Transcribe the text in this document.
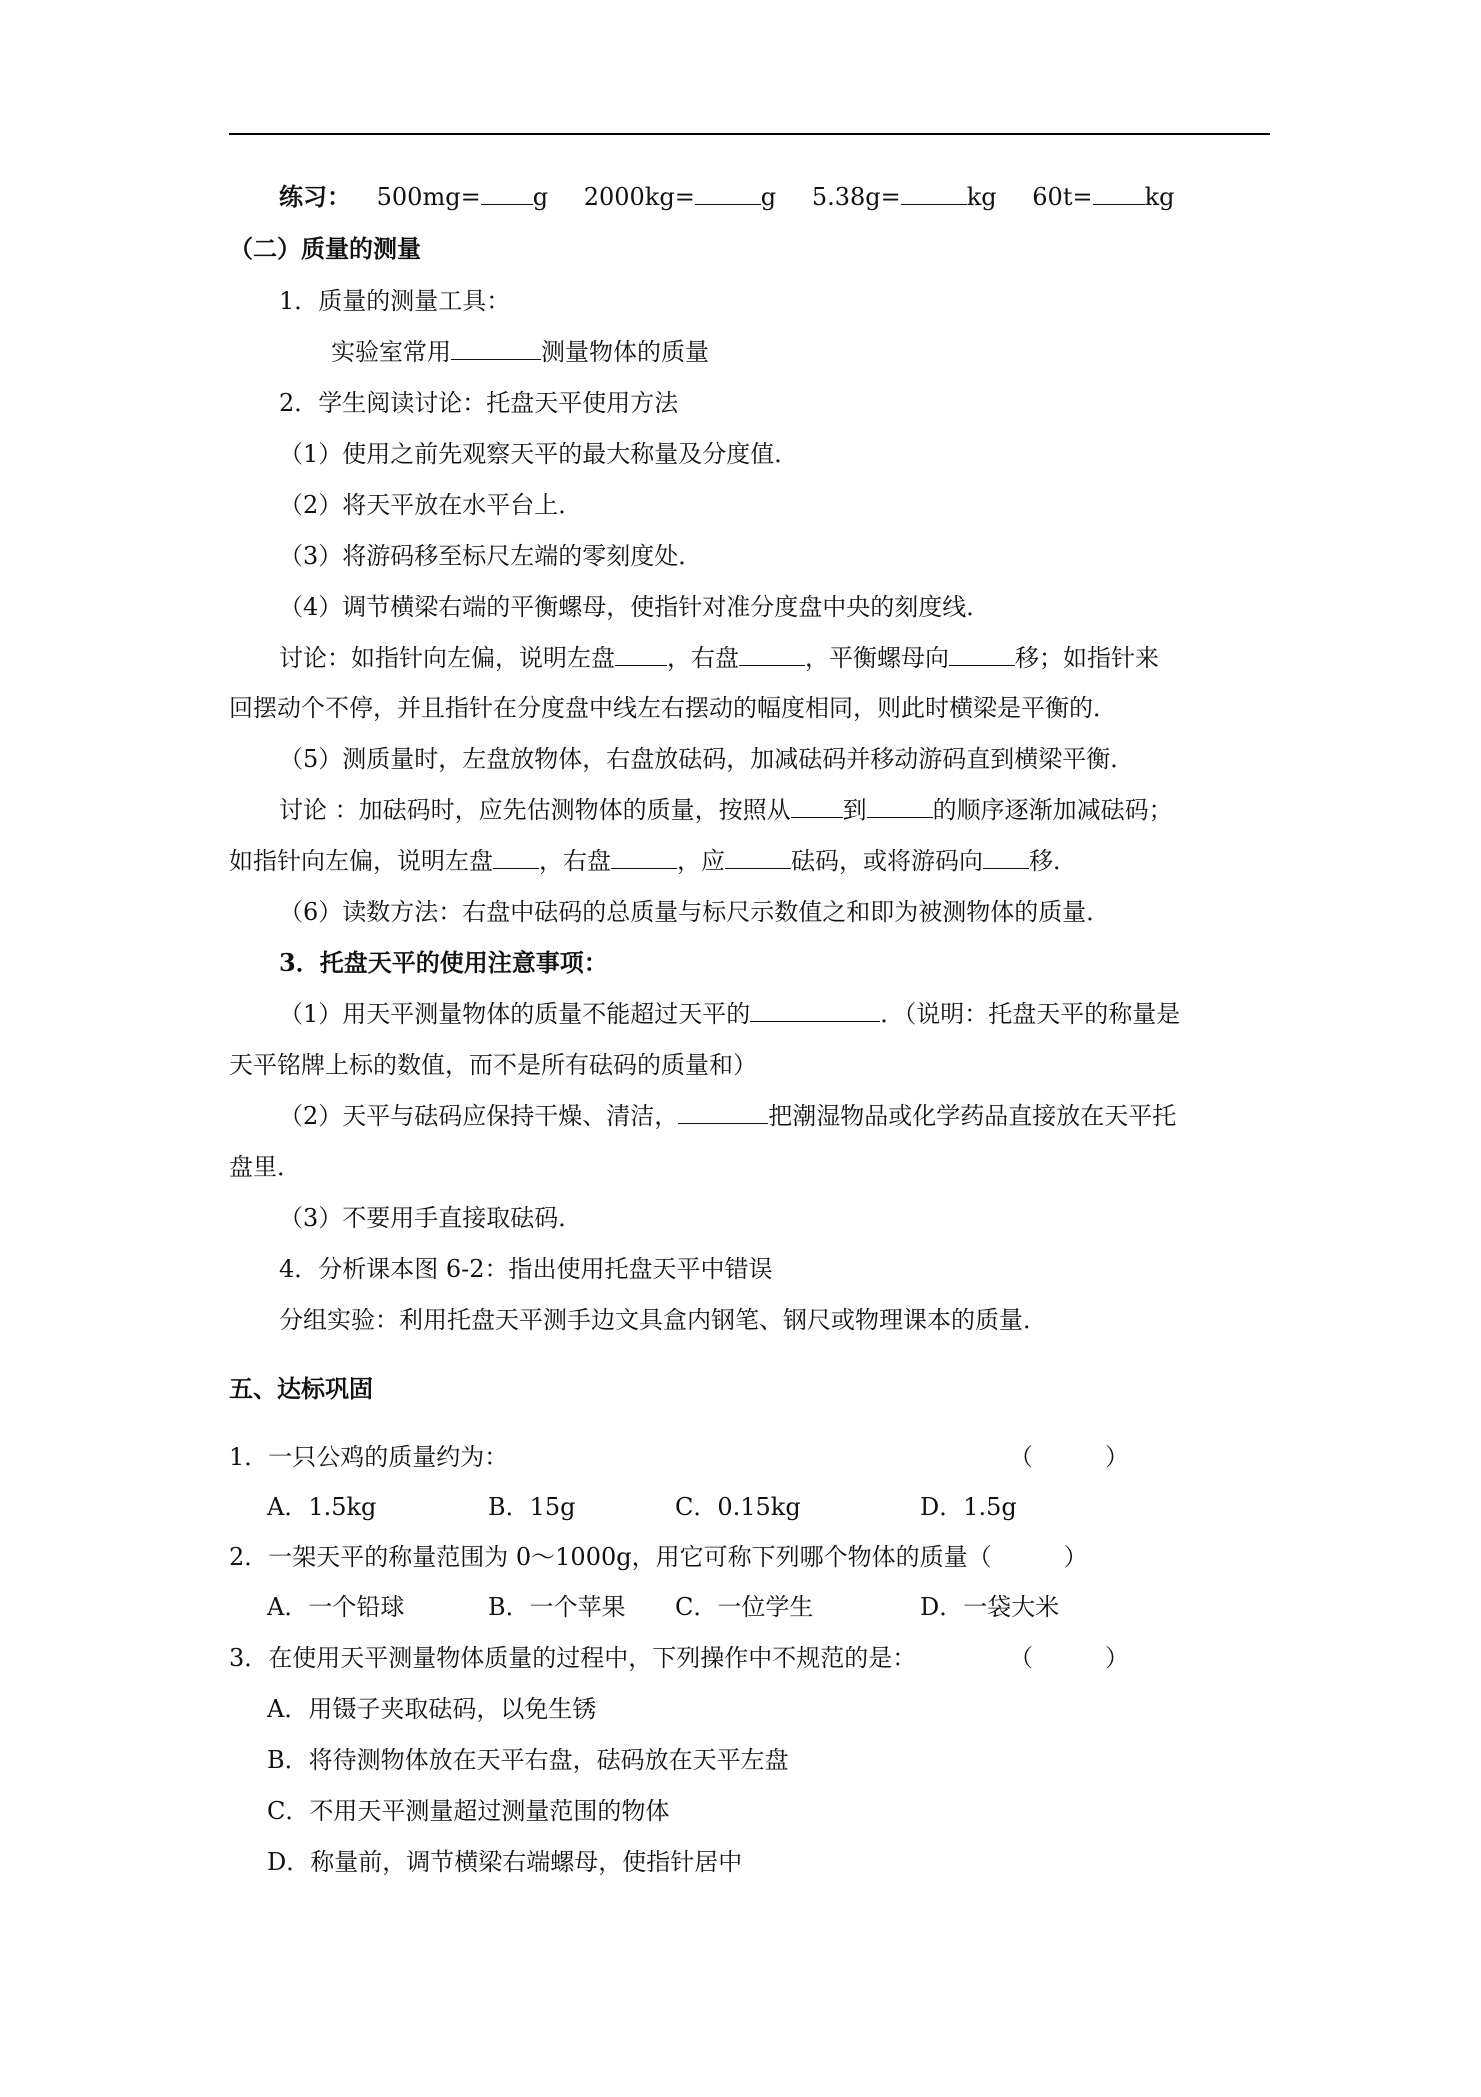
练习： 500mg= g 2000kg=	g 5.38g=	kg 60t= kg
（二）质量的测量
1．质量的测量工具：
实验室常用	测量物体的质量
2．学生阅读讨论：托盘天平使用方法
（1）使用之前先观察天平的最大称量及分度值．
（2）将天平放在水平台上．
（3）将游码移至标尺左端的零刻度处．
（4）调节横梁右端的平衡螺母，使指针对准分度盘中央的刻度线．
讨论：如指针向左偏，说明左盘 ，右盘	，平衡螺母向	移；如指针来
回摆动个不停，并且指针在分度盘中线左右摆动的幅度相同，则此时横梁是平衡的．
（5）测质量时，左盘放物体，右盘放砝码，加减砝码并移动游码直到横梁平衡．
讨论 ：加砝码时，应先估测物体的质量，按照从 到	的顺序逐渐加减砝码；
如指针向左偏，说明左盘 ，右盘	，应	砝码，或将游码向 移．
（6）读数方法：右盘中砝码的总质量与标尺示数值之和即为被测物体的质量．
3．托盘天平的使用注意事项：
（1）用天平测量物体的质量不能超过天平的	．（说明：托盘天平的称量是
天平铭牌上标的数值，而不是所有砝码的质量和）
（2）天平与砝码应保持干燥、清洁，	把潮湿物品或化学药品直接放在天平托
盘里．
（3）不要用手直接取砝码．
4．分析课本图 6-2：指出使用托盘天平中错误
分组实验：利用托盘天平测手边文具盒内钢笔、钢尺或物理课本的质量．
五、达标巩固
1．一只公鸡的质量约为：	（　　　）
A．1.5kg	B．15g	C．0.15kg	D．1.5g
2．一架天平的称量范围为 0～1000g，用它可称下列哪个物体的质量（　　　）
A．一个铅球	B．一个苹果 C．一位学生	D．一袋大米
3．在使用天平测量物体质量的过程中，下列操作中不规范的是：	（　　　）
A．用镊子夹取砝码，以免生锈
B．将待测物体放在天平右盘，砝码放在天平左盘
C．不用天平测量超过测量范围的物体
D．称量前，调节横梁右端螺母，使指针居中
